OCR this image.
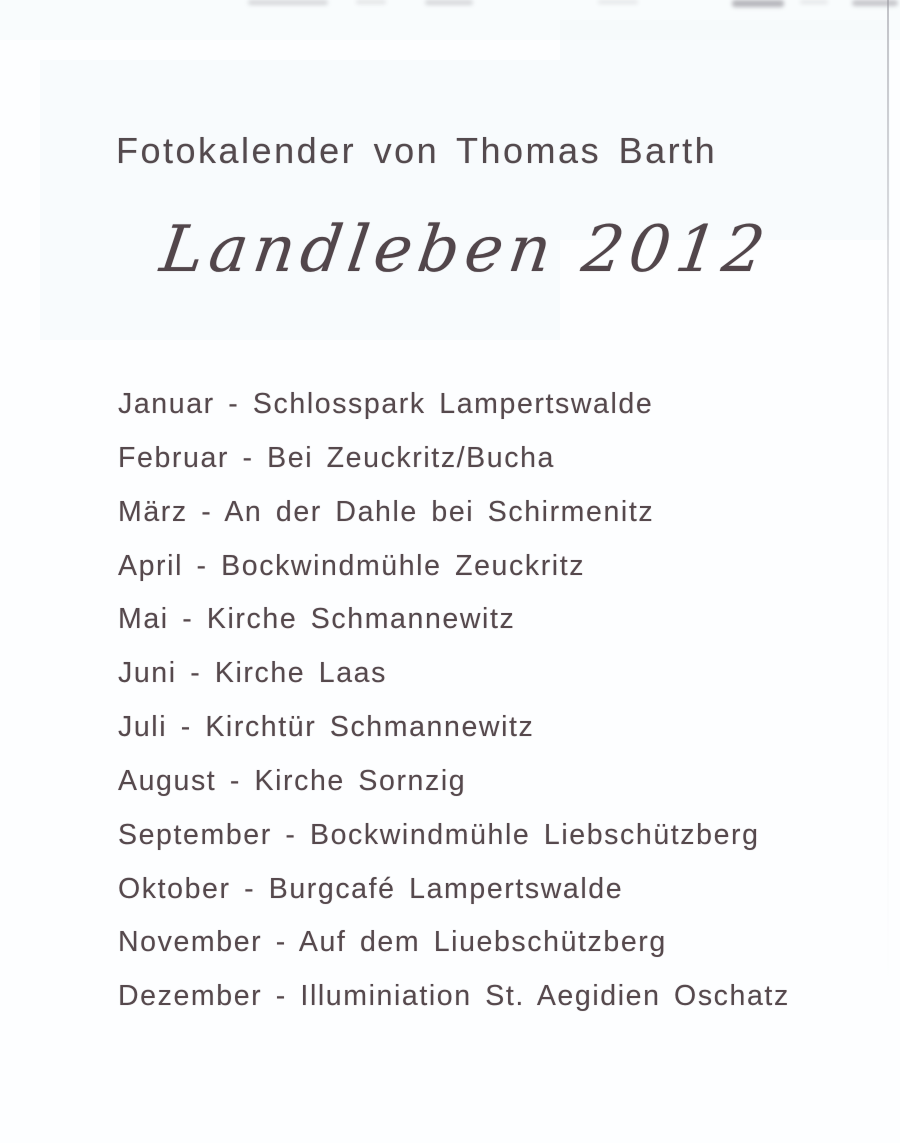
Fotokalender von Thomas Barth
Landleben 2012
Januar - Schlosspark Lampertswalde
Februar - Bei Zeuckritz/Bucha
März - An der Dahle bei Schirmenitz
April - Bockwindmühle Zeuckritz
Mai - Kirche Schmannewitz
Juni - Kirche Laas
Juli - Kirchtür Schmannewitz
August - Kirche Sornzig
September - Bockwindmühle Liebschützberg
Oktober - Burgcafé Lampertswalde
November - Auf dem Liuebschützberg
Dezember - Illuminiation St. Aegidien Oschatz
